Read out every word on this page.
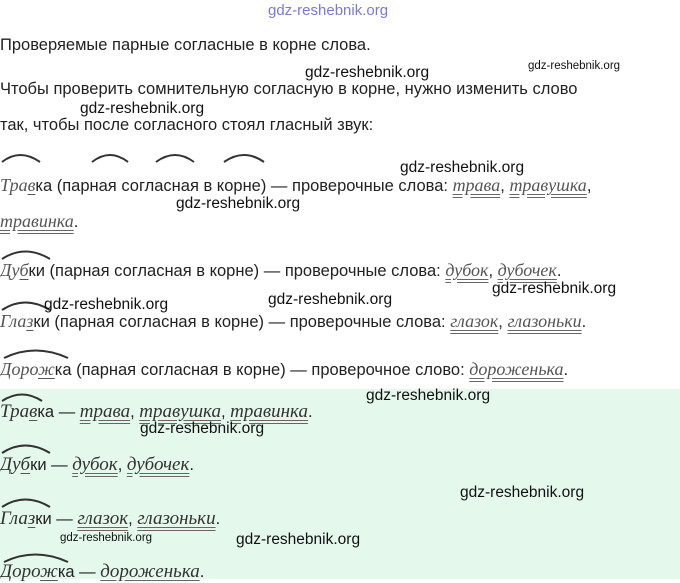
gdz-reshebnik.org
Проверяемые парные согласные в корне слова.
Чтобы проверить сомнительную согласную в корне, нужно изменить слово
так, чтобы после согласного стоял гласный звук:
Травка (парная согласная в корне) — проверочные слова: трава, травушка,
травинка.
Дубки (парная согласная в корне) — проверочные слова: дубок, дубочек.
Глазки (парная согласная в корне) — проверочные слова: глазок, глазоньки.
Дорожка (парная согласная в корне) — проверочное слово: дороженька.
Травка — трава, травушка, травинка.
Дубки — дубок, дубочек.
Глазки — глазок, глазоньки.
Дорожка — дороженька.
gdz-reshebnik.org	gdz-reshebnik.org
gdz-reshebnik.org
gdz-reshebnik.org
gdz-reshebnik.org
gdz-reshebnik.org
gdz-reshebnik.org
gdz-reshebnik.org
gdz-reshebnik.org
gdz-reshebnik.org
gdz-reshebnik.org
gdz-reshebnik.org	gdz-reshebnik.org
